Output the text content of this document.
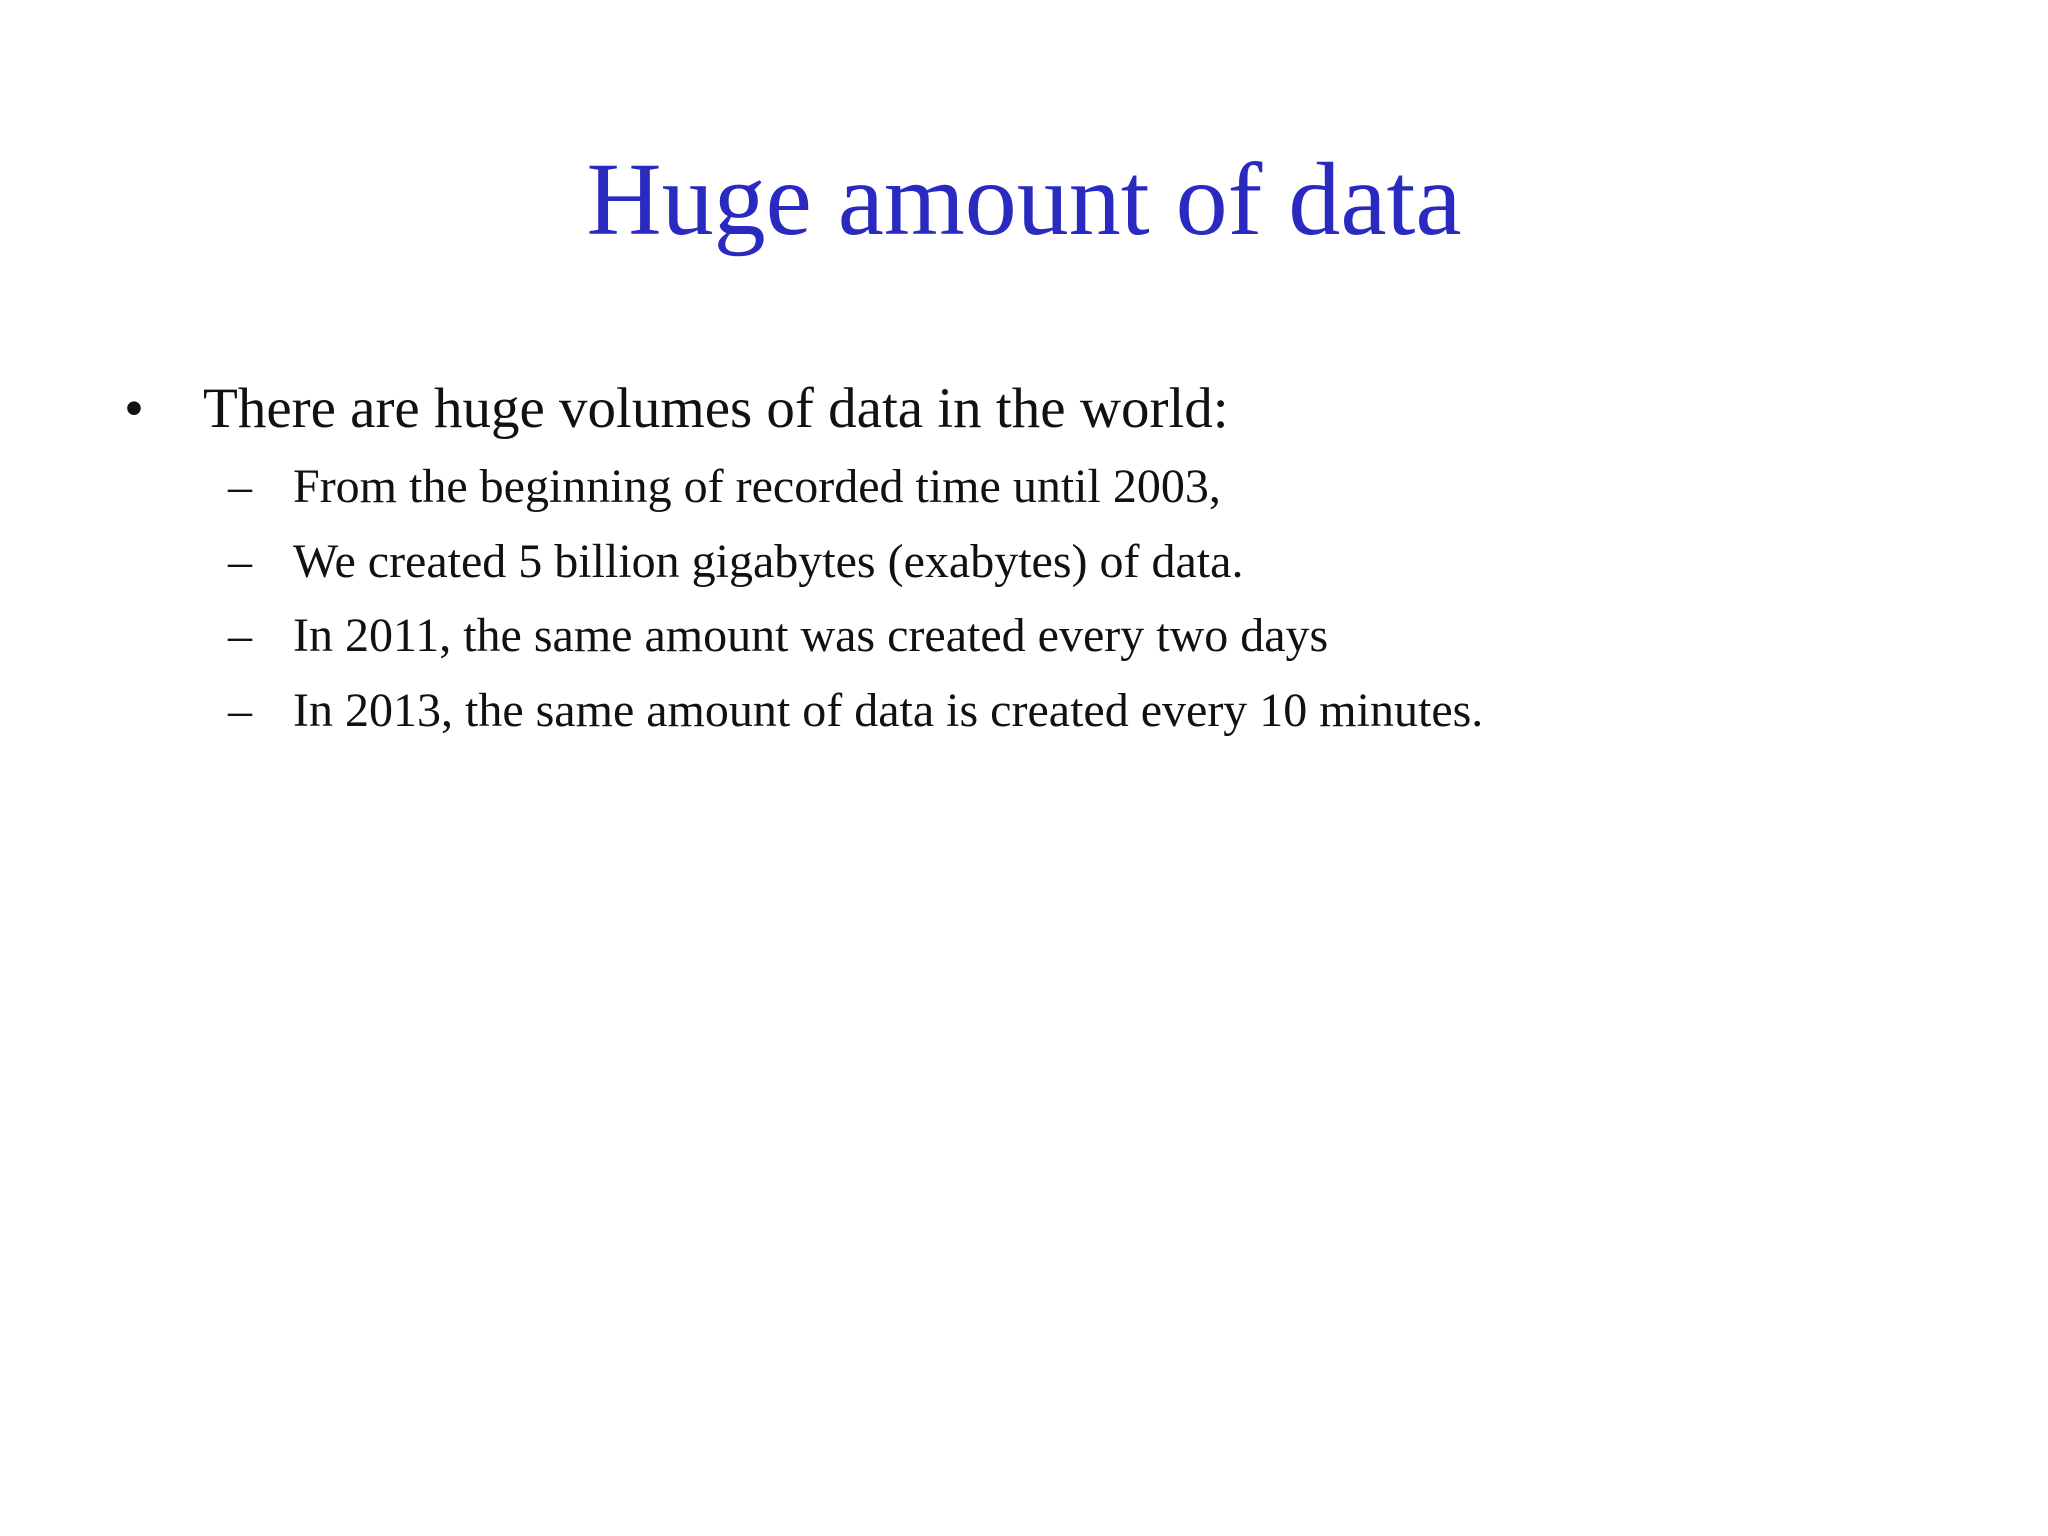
Huge amount of data
• There are huge volumes of data in the world:
– From the beginning of recorded time until 2003,
– We created 5 billion gigabytes (exabytes) of data.
– In 2011, the same amount was created every two days
– In 2013, the same amount of data is created every 10 minutes.
